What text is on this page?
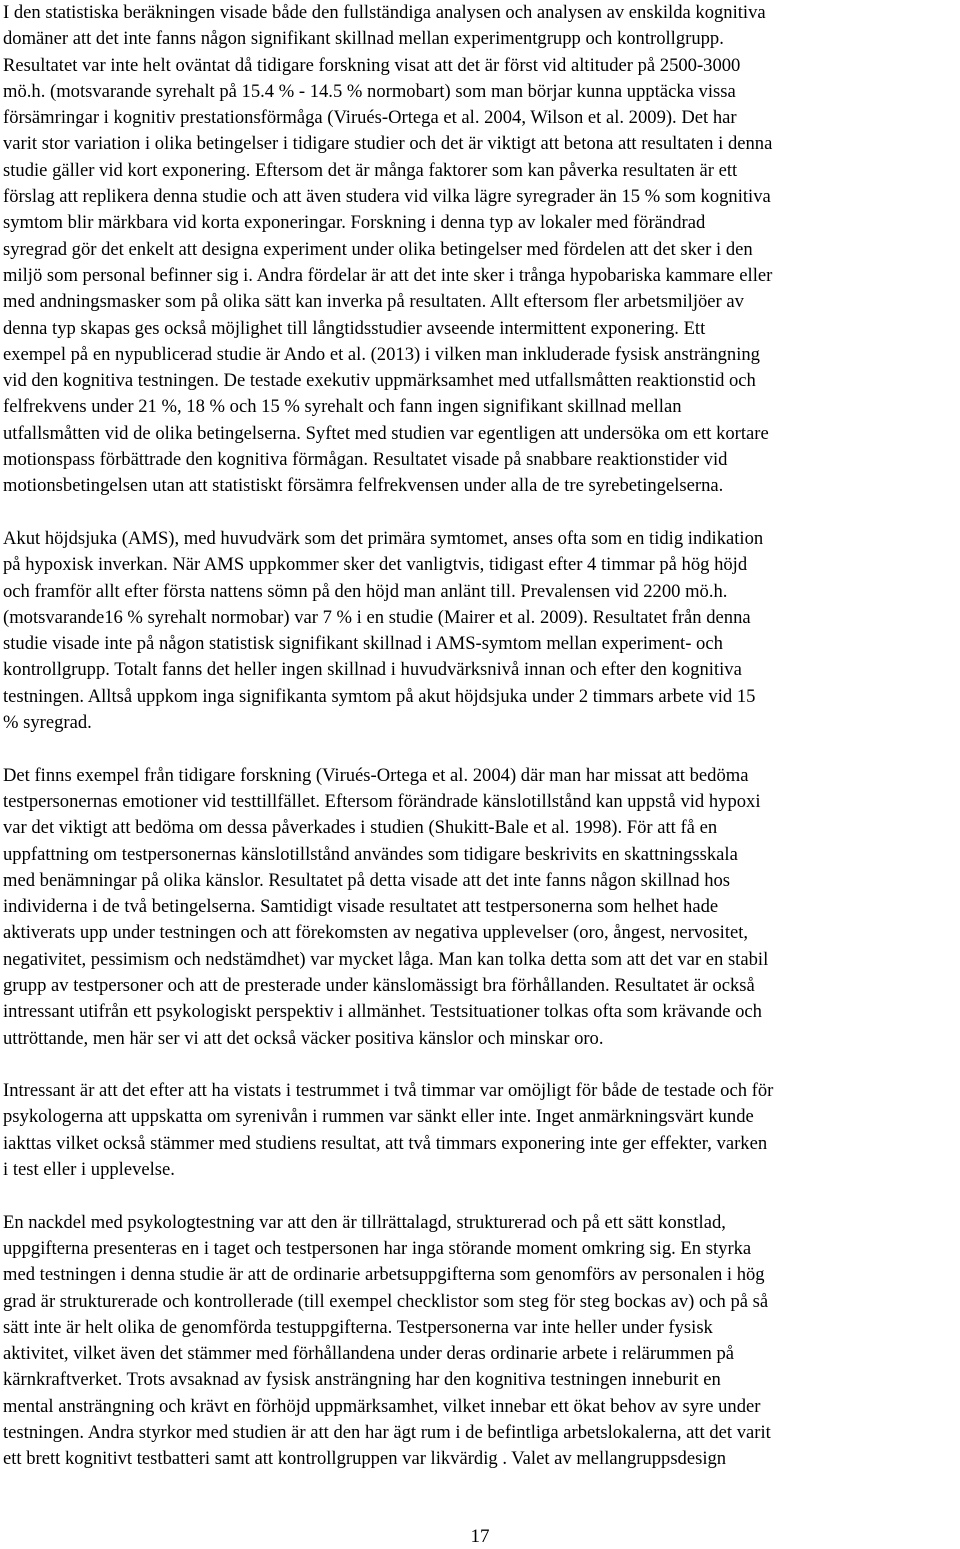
I den statistiska beräkningen visade både den fullständiga analysen och analysen av enskilda kognitiva
domäner att det inte fanns någon signifikant skillnad mellan experimentgrupp och kontrollgrupp.
Resultatet var inte helt oväntat då tidigare forskning visat att det är först vid altituder på 2500-3000
mö.h. (motsvarande syrehalt på 15.4 % - 14.5 % normobart) som man börjar kunna upptäcka vissa
försämringar i kognitiv prestationsförmåga (Virués-Ortega et al. 2004, Wilson et al. 2009). Det har
varit stor variation i olika betingelser i tidigare studier och det är viktigt att betona att resultaten i denna
studie gäller vid kort exponering. Eftersom det är många faktorer som kan påverka resultaten är ett
förslag att replikera denna studie och att även studera vid vilka lägre syregrader än 15 % som kognitiva
symtom blir märkbara vid korta exponeringar. Forskning i denna typ av lokaler med förändrad
syregrad gör det enkelt att designa experiment under olika betingelser med fördelen att det sker i den
miljö som personal befinner sig i. Andra fördelar är att det inte sker i trånga hypobariska kammare eller
med andningsmasker som på olika sätt kan inverka på resultaten. Allt eftersom fler arbetsmiljöer av
denna typ skapas ges också möjlighet till långtidsstudier avseende intermittent exponering. Ett
exempel på en nypublicerad studie är Ando et al. (2013) i vilken man inkluderade fysisk ansträngning
vid den kognitiva testningen. De testade exekutiv uppmärksamhet med utfallsmåtten reaktionstid och
felfrekvens under 21 %, 18 % och 15 % syrehalt och fann ingen signifikant skillnad mellan
utfallsmåtten vid de olika betingelserna. Syftet med studien var egentligen att undersöka om ett kortare
motionspass förbättrade den kognitiva förmågan. Resultatet visade på snabbare reaktionstider vid
motionsbetingelsen utan att statistiskt försämra felfrekvensen under alla de tre syrebetingelserna.

Akut höjdsjuka (AMS), med huvudvärk som det primära symtomet, anses ofta som en tidig indikation
på hypoxisk inverkan. När AMS uppkommer sker det vanligtvis, tidigast efter 4 timmar på hög höjd
och framför allt efter första nattens sömn på den höjd man anlänt till. Prevalensen vid 2200 mö.h.
(motsvarande16 % syrehalt normobar) var 7 % i en studie (Mairer et al. 2009). Resultatet från denna
studie visade inte på någon statistisk signifikant skillnad i AMS-symtom mellan experiment- och
kontrollgrupp. Totalt fanns det heller ingen skillnad i huvudvärksnivå innan och efter den kognitiva
testningen. Alltså uppkom inga signifikanta symtom på akut höjdsjuka under 2 timmars arbete vid 15
% syregrad.

Det finns exempel från tidigare forskning (Virués-Ortega et al. 2004) där man har missat att bedöma
testpersonernas emotioner vid testtillfället. Eftersom förändrade känslotillstånd kan uppstå vid hypoxi
var det viktigt att bedöma om dessa påverkades i studien (Shukitt-Bale et al. 1998). För att få en
uppfattning om testpersonernas känslotillstånd användes som tidigare beskrivits en skattningsskala
med benämningar på olika känslor. Resultatet på detta visade att det inte fanns någon skillnad hos
individerna i de två betingelserna. Samtidigt visade resultatet att testpersonerna som helhet hade
aktiverats upp under testningen och att förekomsten av negativa upplevelser (oro, ångest, nervositet,
negativitet, pessimism och nedstämdhet) var mycket låga. Man kan tolka detta som att det var en stabil
grupp av testpersoner och att de presterade under känslomässigt bra förhållanden. Resultatet är också
intressant utifrån ett psykologiskt perspektiv i allmänhet. Testsituationer tolkas ofta som krävande och
uttröttande, men här ser vi att det också väcker positiva känslor och minskar oro.

Intressant är att det efter att ha vistats i testrummet i två timmar var omöjligt för både de testade och för
psykologerna att uppskatta om syrenivån i rummen var sänkt eller inte. Inget anmärkningsvärt kunde
iakttas vilket också stämmer med studiens resultat, att två timmars exponering inte ger effekter, varken
i test eller i upplevelse.

En nackdel med psykologtestning var att den är tillrättalagd, strukturerad och på ett sätt konstlad,
uppgifterna presenteras en i taget och testpersonen har inga störande moment omkring sig. En styrka
med testningen i denna studie är att de ordinarie arbetsuppgifterna som genomförs av personalen i hög
grad är strukturerade och kontrollerade (till exempel checklistor som steg för steg bockas av) och på så
sätt inte är helt olika de genomförda testuppgifterna. Testpersonerna var inte heller under fysisk
aktivitet, vilket även det stämmer med förhållandena under deras ordinarie arbete i relärummen på
kärnkraftverket. Trots avsaknad av fysisk ansträngning har den kognitiva testningen inneburit en
mental ansträngning och krävt en förhöjd uppmärksamhet, vilket innebar ett ökat behov av syre under
testningen. Andra styrkor med studien är att den har ägt rum i de befintliga arbetslokalerna, att det varit
ett brett kognitivt testbatteri samt att kontrollgruppen var likvärdig . Valet av mellangruppsdesign

17
